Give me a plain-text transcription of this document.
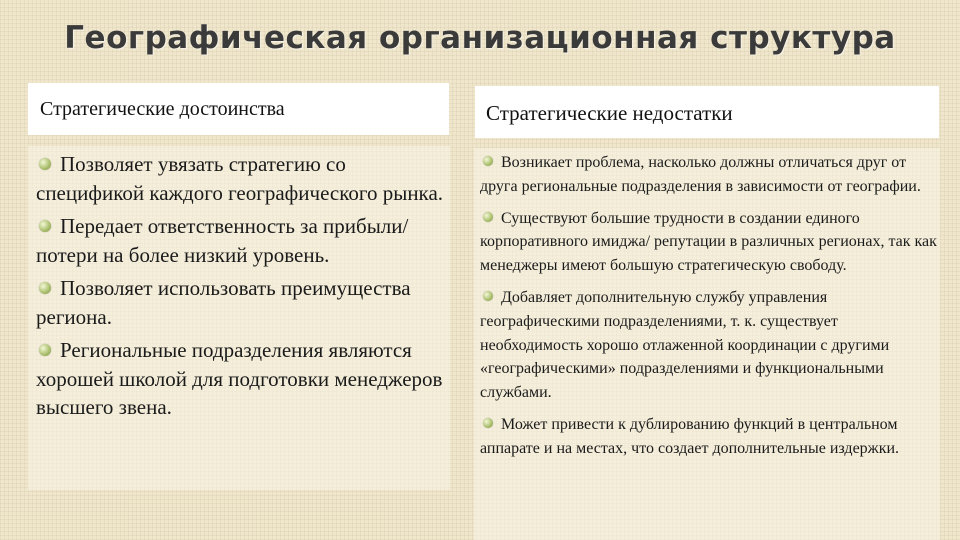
Географическая организационная структура
Стратегические достоинства	Стратегические недостатки
Позволяет увязать стратегию со спецификой каждого географического рынка.
Передает ответственность за прибыли/ потери на более низкий уровень.
Позволяет использовать преимущества региона.
Региональные подразделения являются хорошей школой для подготовки менеджеров высшего звена.
Возникает проблема, насколько должны отличаться друг от друга региональные подразделения в зависимости от географии.
Существуют большие трудности в создании единого корпоративного имиджа/ репутации в различных регионах, так как менеджеры имеют большую стратегическую свободу.
Добавляет дополнительную службу управления географическими подразделениями, т. к. существует необходимость хорошо отлаженной координации с другими «географическими» подразделениями и функциональными службами.
Может привести к дублированию функций в центральном аппарате и на местах, что создает дополнительные издержки.
